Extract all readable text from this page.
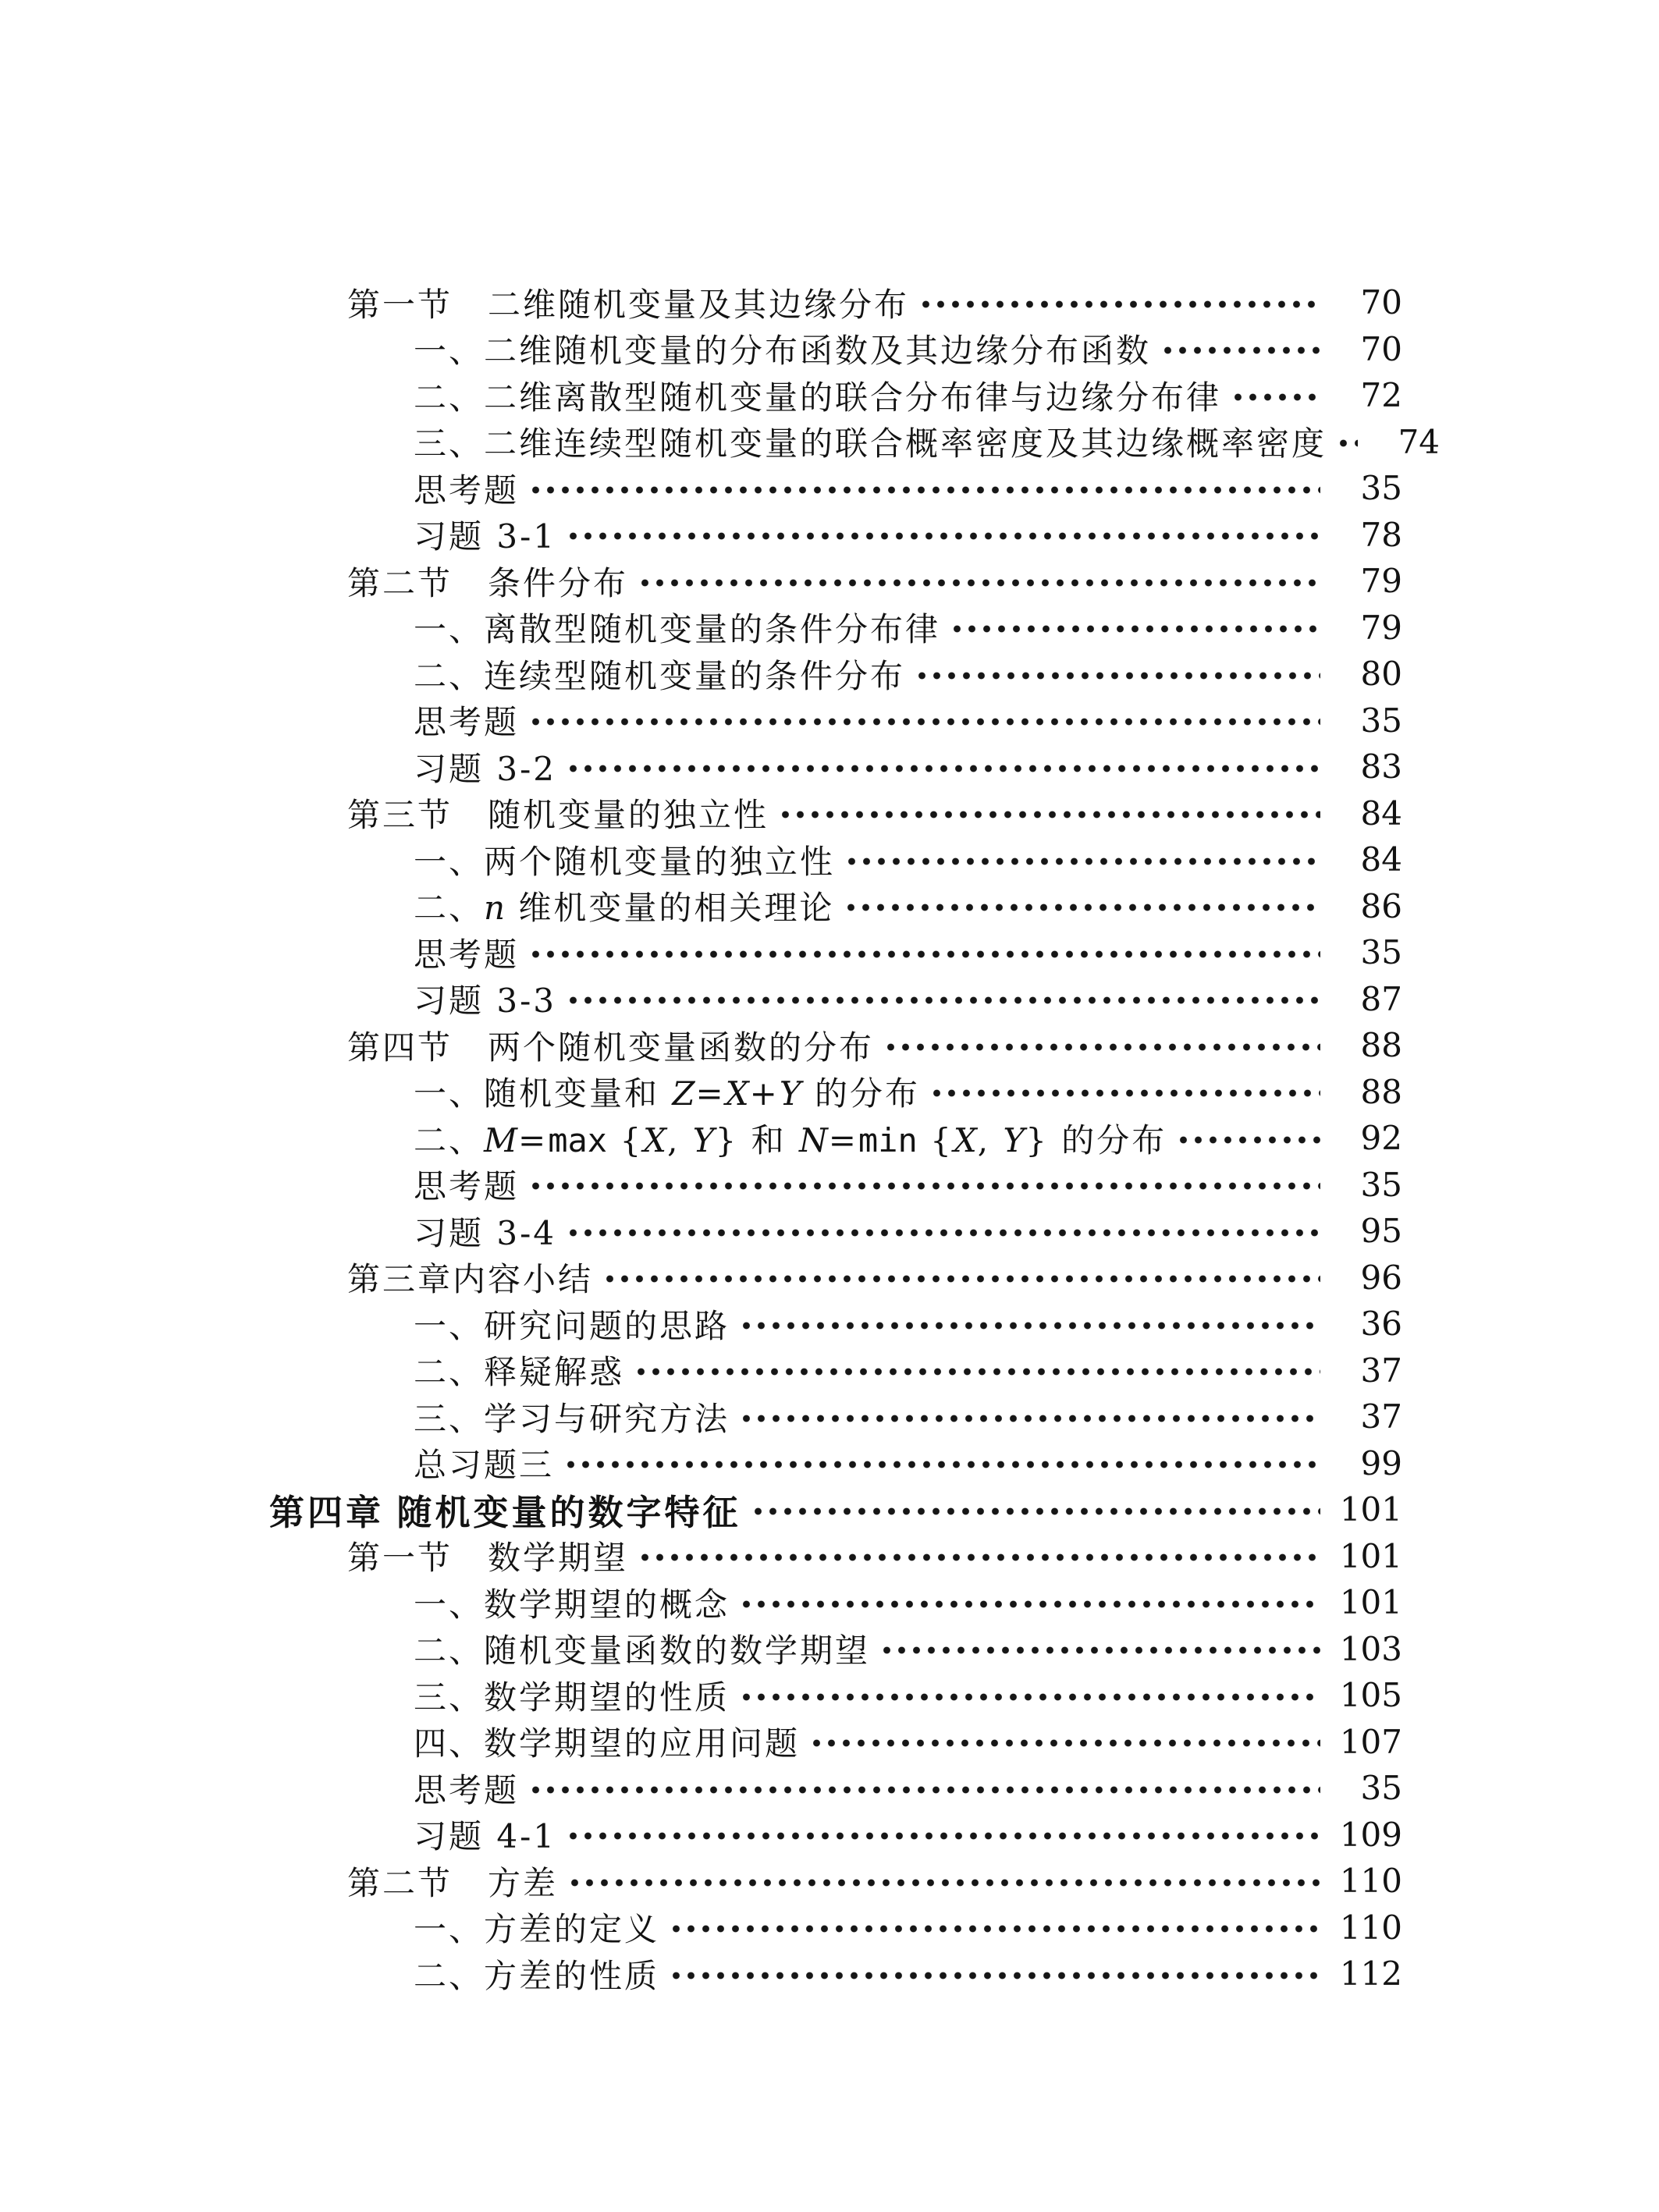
第一节　二维随机变量及其边缘分布	70
一、二维随机变量的分布函数及其边缘分布函数	70
二、二维离散型随机变量的联合分布律与边缘分布律	72
三、二维连续型随机变量的联合概率密度及其边缘概率密度	74
思考题	35
习题 3-1	78
第二节　条件分布	79
一、离散型随机变量的条件分布律	79
二、连续型随机变量的条件分布	80
思考题	35
习题 3-2	83
第三节　随机变量的独立性	84
一、两个随机变量的独立性	84
二、n 维机变量的相关理论	86
思考题	35
习题 3-3	87
第四节　两个随机变量函数的分布	88
一、随机变量和 Z=X+Y 的分布	88
二、M=max {X, Y} 和 N=min {X, Y} 的分布	92
思考题	35
习题 3-4	95
第三章内容小结	96
一、研究问题的思路	36
二、释疑解惑	37
三、学习与研究方法	37
总习题三	99
第四章 随机变量的数字特征	101
第一节　数学期望	101
一、数学期望的概念	101
二、随机变量函数的数学期望	103
三、数学期望的性质	105
四、数学期望的应用问题	107
思考题	35
习题 4-1	109
第二节　方差	110
一、方差的定义	110
二、方差的性质	112
